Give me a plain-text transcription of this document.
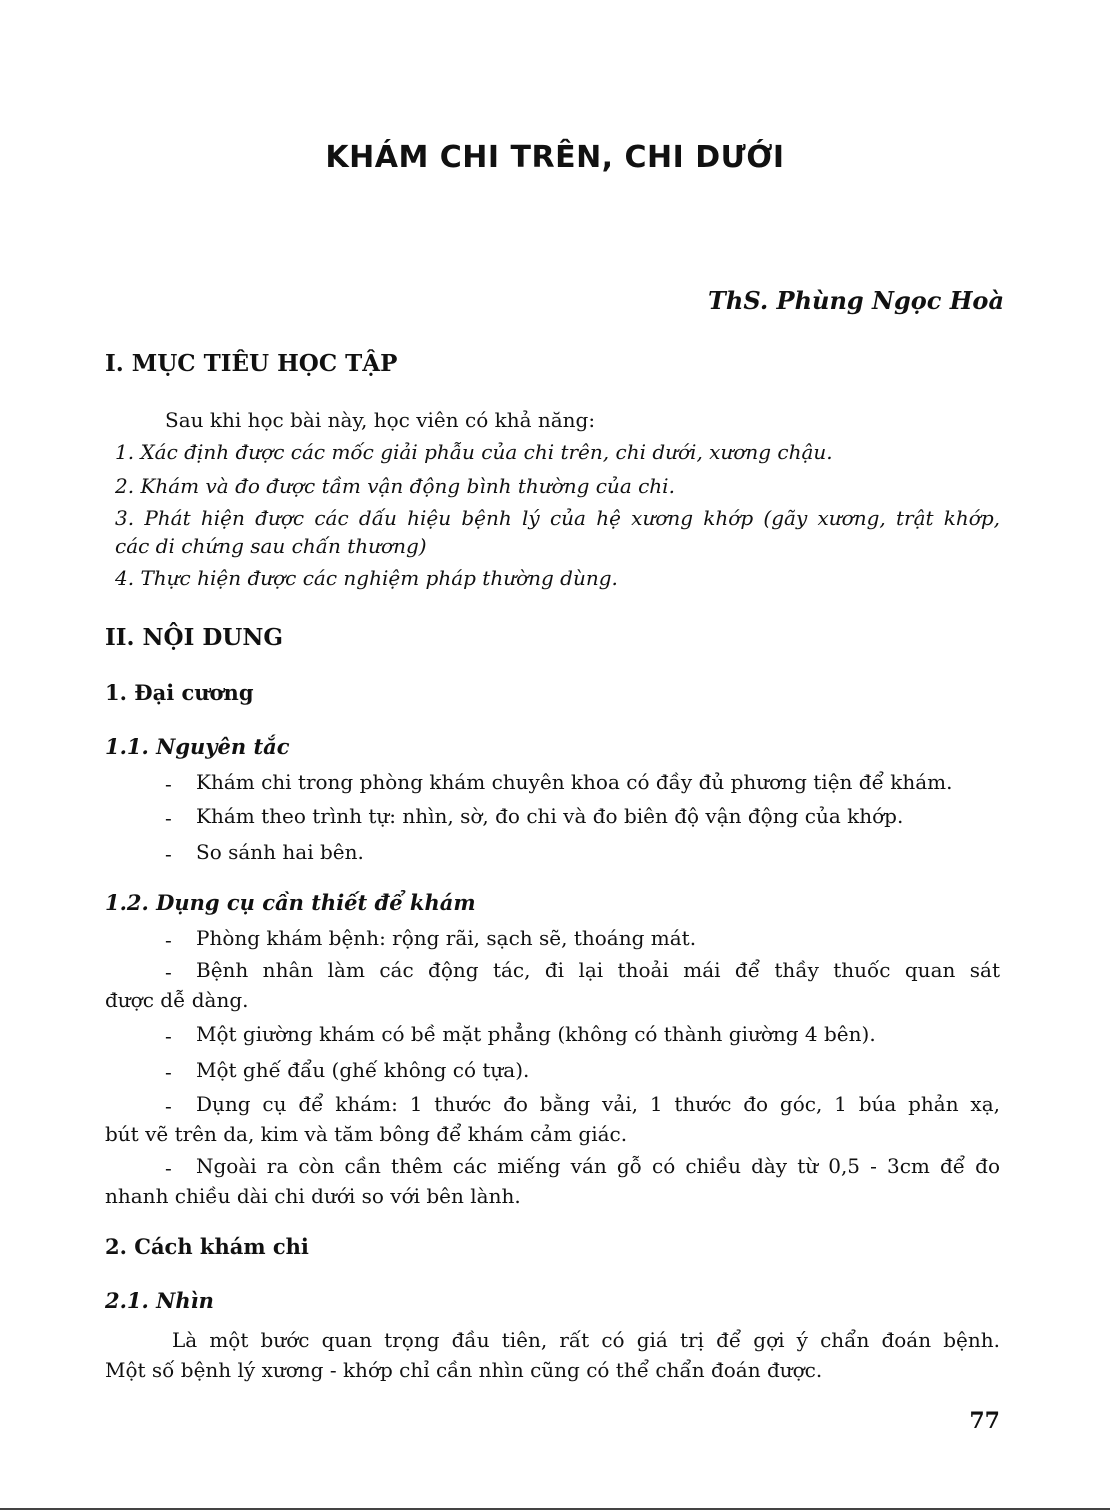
KHÁM CHI TRÊN, CHI DƯỚI
ThS. Phùng Ngọc Hoà
I. MỤC TIÊU HỌC TẬP
Sau khi học bài này, học viên có khả năng:
1. Xác định được các mốc giải phẫu của chi trên, chi dưới, xương chậu.
2. Khám và đo được tầm vận động bình thường của chi.
3. Phát hiện được các dấu hiệu bệnh lý của hệ xương khớp (gãy xương, trật khớp,
các di chứng sau chấn thương)
4. Thực hiện được các nghiệm pháp thường dùng.
II. NỘI DUNG
1. Đại cương
1.1. Nguyên tắc
- Khám chi trong phòng khám chuyên khoa có đầy đủ phương tiện để khám.
- Khám theo trình tự: nhìn, sờ, đo chi và đo biên độ vận động của khớp.
- So sánh hai bên.
1.2. Dụng cụ cần thiết để khám
- Phòng khám bệnh: rộng rãi, sạch sẽ, thoáng mát.
- Bệnh nhân làm các động tác, đi lại thoải mái để thầy thuốc quan sát
được dễ dàng.
- Một giường khám có bề mặt phẳng (không có thành giường 4 bên).
- Một ghế đẩu (ghế không có tựa).
- Dụng cụ để khám: 1 thước đo bằng vải, 1 thước đo góc, 1 búa phản xạ,
bút vẽ trên da, kim và tăm bông để khám cảm giác.
- Ngoài ra còn cần thêm các miếng ván gỗ có chiều dày từ 0,5 - 3cm để đo
nhanh chiều dài chi dưới so với bên lành.
2. Cách khám chi
2.1. Nhìn
Là một bước quan trọng đầu tiên, rất có giá trị để gợi ý chẩn đoán bệnh.
Một số bệnh lý xương - khớp chỉ cần nhìn cũng có thể chẩn đoán được.
77
